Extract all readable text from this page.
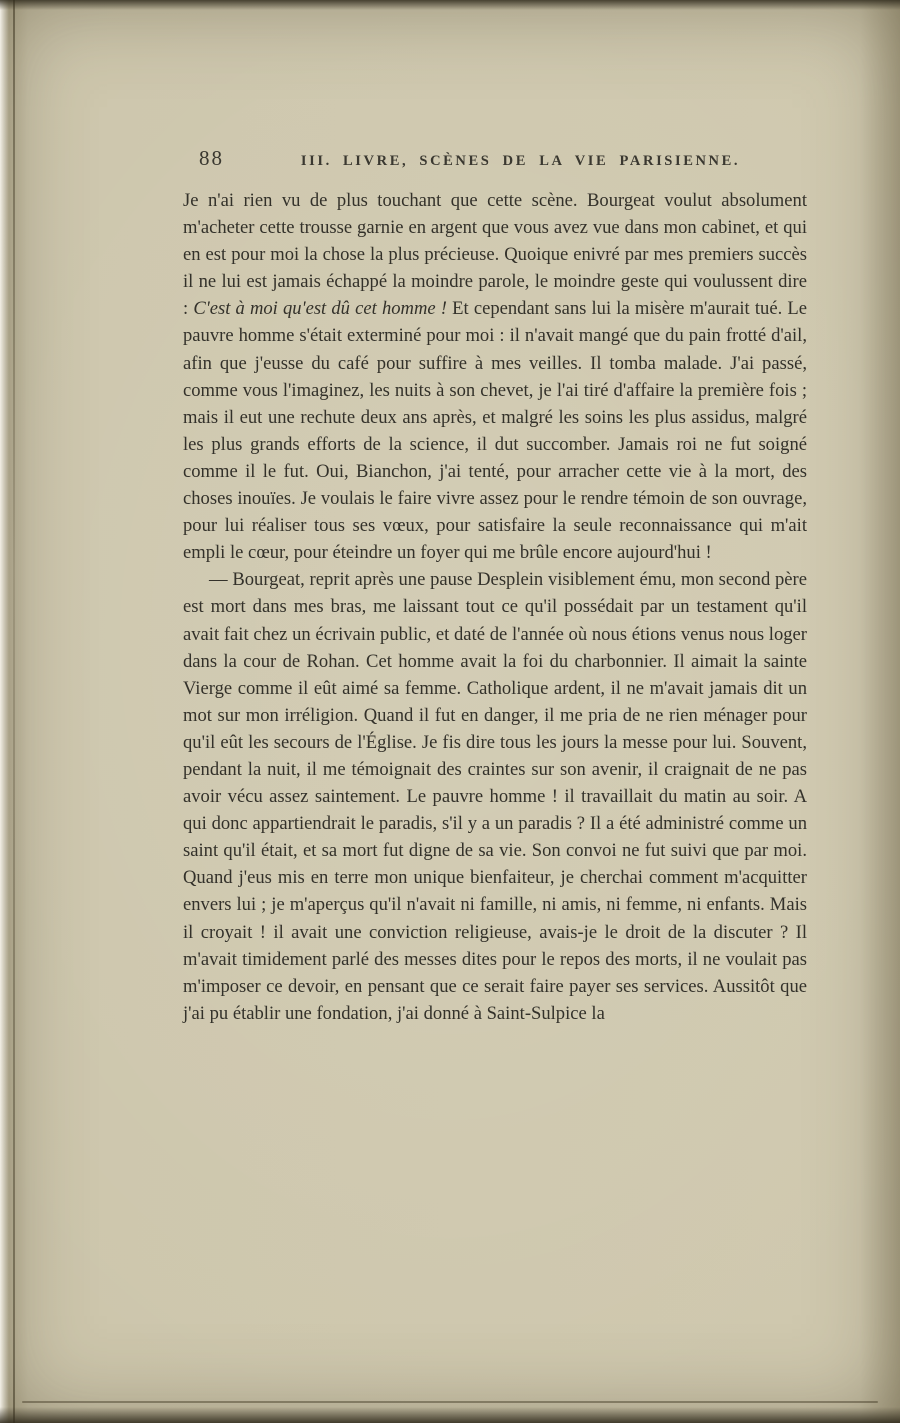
88	III. LIVRE, SCÈNES DE LA VIE PARISIENNE.

Je n'ai rien vu de plus touchant que cette scène. Bourgeat voulut absolument m'acheter cette trousse garnie en argent que vous avez vue dans mon cabinet, et qui en est pour moi la chose la plus précieuse. Quoique enivré par mes premiers succès il ne lui est jamais échappé la moindre parole, le moindre geste qui voulussent dire : C'est à moi qu'est dû cet homme ! Et cependant sans lui la misère m'aurait tué. Le pauvre homme s'était exterminé pour moi : il n'avait mangé que du pain frotté d'ail, afin que j'eusse du café pour suffire à mes veilles. Il tomba malade. J'ai passé, comme vous l'imaginez, les nuits à son chevet, je l'ai tiré d'affaire la première fois ; mais il eut une rechute deux ans après, et malgré les soins les plus assidus, malgré les plus grands efforts de la science, il dut succomber. Jamais roi ne fut soigné comme il le fut. Oui, Bianchon, j'ai tenté, pour arracher cette vie à la mort, des choses inouïes. Je voulais le faire vivre assez pour le rendre témoin de son ouvrage, pour lui réaliser tous ses vœux, pour satisfaire la seule reconnaissance qui m'ait empli le cœur, pour éteindre un foyer qui me brûle encore aujourd'hui !

— Bourgeat, reprit après une pause Desplein visiblement ému, mon second père est mort dans mes bras, me laissant tout ce qu'il possédait par un testament qu'il avait fait chez un écrivain public, et daté de l'année où nous étions venus nous loger dans la cour de Rohan. Cet homme avait la foi du charbonnier. Il aimait la sainte Vierge comme il eût aimé sa femme. Catholique ardent, il ne m'avait jamais dit un mot sur mon irréligion. Quand il fut en danger, il me pria de ne rien ménager pour qu'il eût les secours de l'Église. Je fis dire tous les jours la messe pour lui. Souvent, pendant la nuit, il me témoignait des craintes sur son avenir, il craignait de ne pas avoir vécu assez saintement. Le pauvre homme ! il travaillait du matin au soir. A qui donc appartiendrait le paradis, s'il y a un paradis ? Il a été administré comme un saint qu'il était, et sa mort fut digne de sa vie. Son convoi ne fut suivi que par moi. Quand j'eus mis en terre mon unique bienfaiteur, je cherchai comment m'acquitter envers lui ; je m'aperçus qu'il n'avait ni famille, ni amis, ni femme, ni enfants. Mais il croyait ! il avait une conviction religieuse, avais-je le droit de la discuter ? Il m'avait timidement parlé des messes dites pour le repos des morts, il ne voulait pas m'imposer ce devoir, en pensant que ce serait faire payer ses services. Aussitôt que j'ai pu établir une fondation, j'ai donné à Saint-Sulpice la
